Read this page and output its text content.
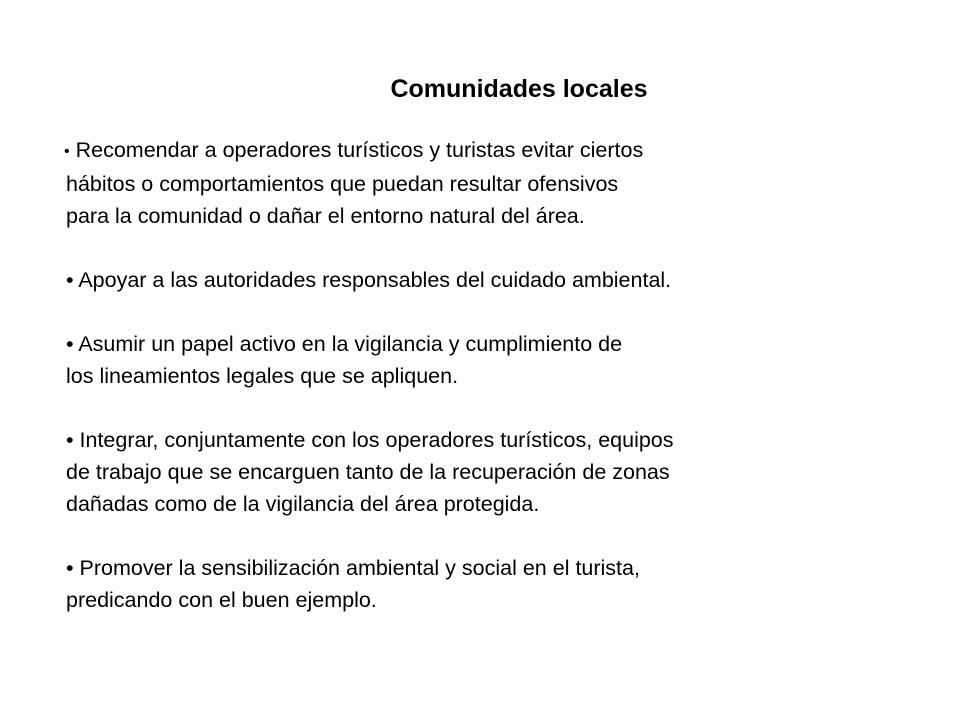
Comunidades locales

• Recomendar a operadores turísticos y turistas evitar ciertos
hábitos o comportamientos que puedan resultar ofensivos
para la comunidad o dañar el entorno natural del área.

• Apoyar a las autoridades responsables del cuidado ambiental.

• Asumir un papel activo en la vigilancia y cumplimiento de
los lineamientos legales que se apliquen.

• Integrar, conjuntamente con los operadores turísticos, equipos
de trabajo que se encarguen tanto de la recuperación de zonas
dañadas como de la vigilancia del área protegida.

• Promover la sensibilización ambiental y social en el turista,
predicando con el buen ejemplo.
